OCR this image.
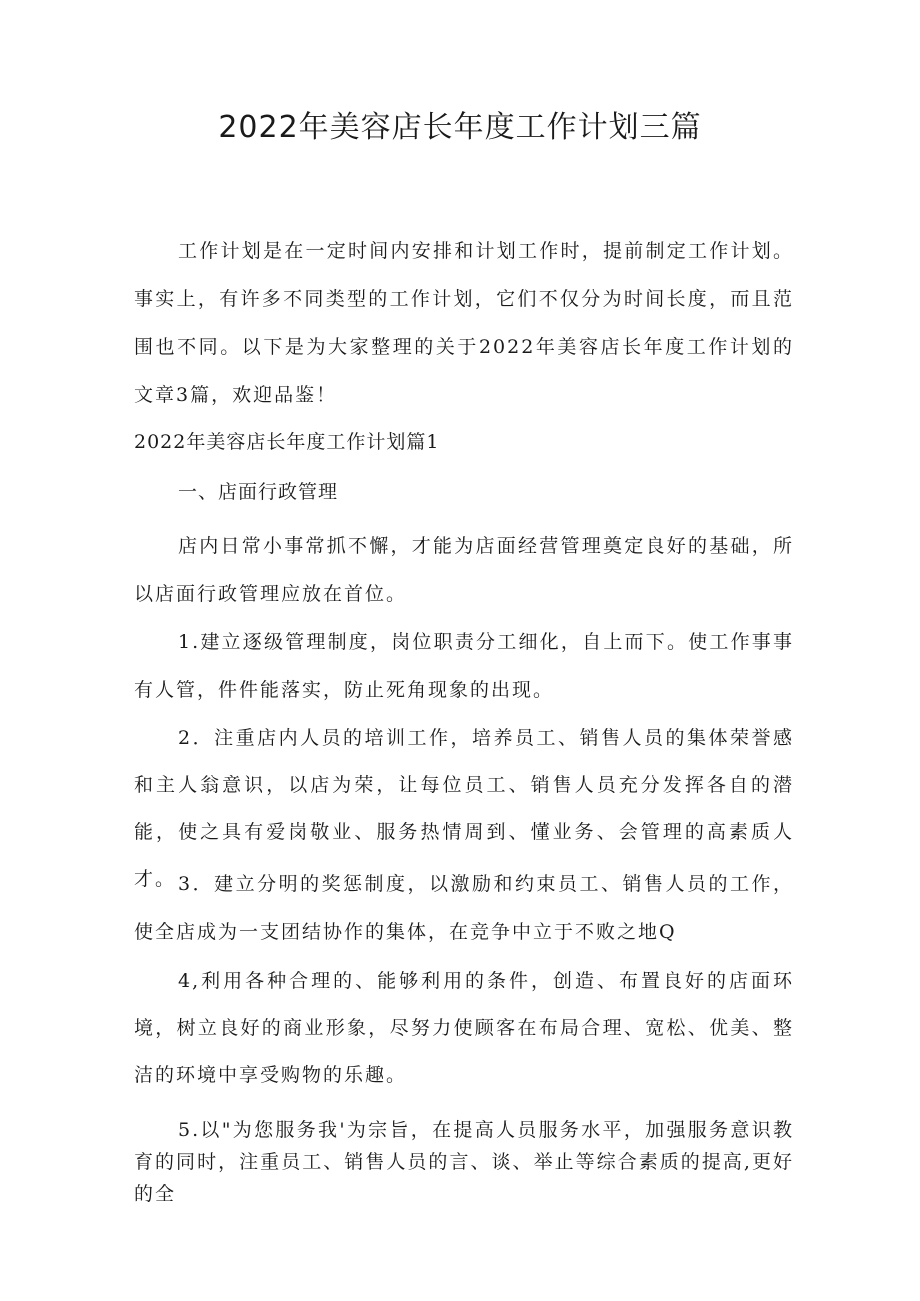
2022年美容店长年度工作计划三篇

工作计划是在一定时间内安排和计划工作时，提前制定工作计划。事实上，有许多不同类型的工作计划，它们不仅分为时间长度，而且范围也不同。以下是为大家整理的关于2022年美容店长年度工作计划的文章3篇，欢迎品鉴！

2022年美容店长年度工作计划篇1

一、店面行政管理

店内日常小事常抓不懈，才能为店面经营管理奠定良好的基础，所以店面行政管理应放在首位。

1.建立逐级管理制度，岗位职责分工细化，自上而下。使工作事事有人管，件件能落实，防止死角现象的出现。

2．注重店内人员的培训工作，培养员工、销售人员的集体荣誉感和主人翁意识，以店为荣，让每位员工、销售人员充分发挥各自的潜能，使之具有爱岗敬业、服务热情周到、懂业务、会管理的高素质人才。 3．建立分明的奖惩制度，以激励和约束员工、销售人员的工作，使全店成为一支团结协作的集体，在竞争中立于不败之地Q

4,利用各种合理的、能够利用的条件，创造、布置良好的店面环境，树立良好的商业形象，尽努力使顾客在布局合理、宽松、优美、整洁的环境中享受购物的乐趣。

5.以"为您服务我'为宗旨，在提高人员服务水平，加强服务意识教育的同时，注重员工、销售人员的言、谈、举止等综合素质的提高,更好的全
